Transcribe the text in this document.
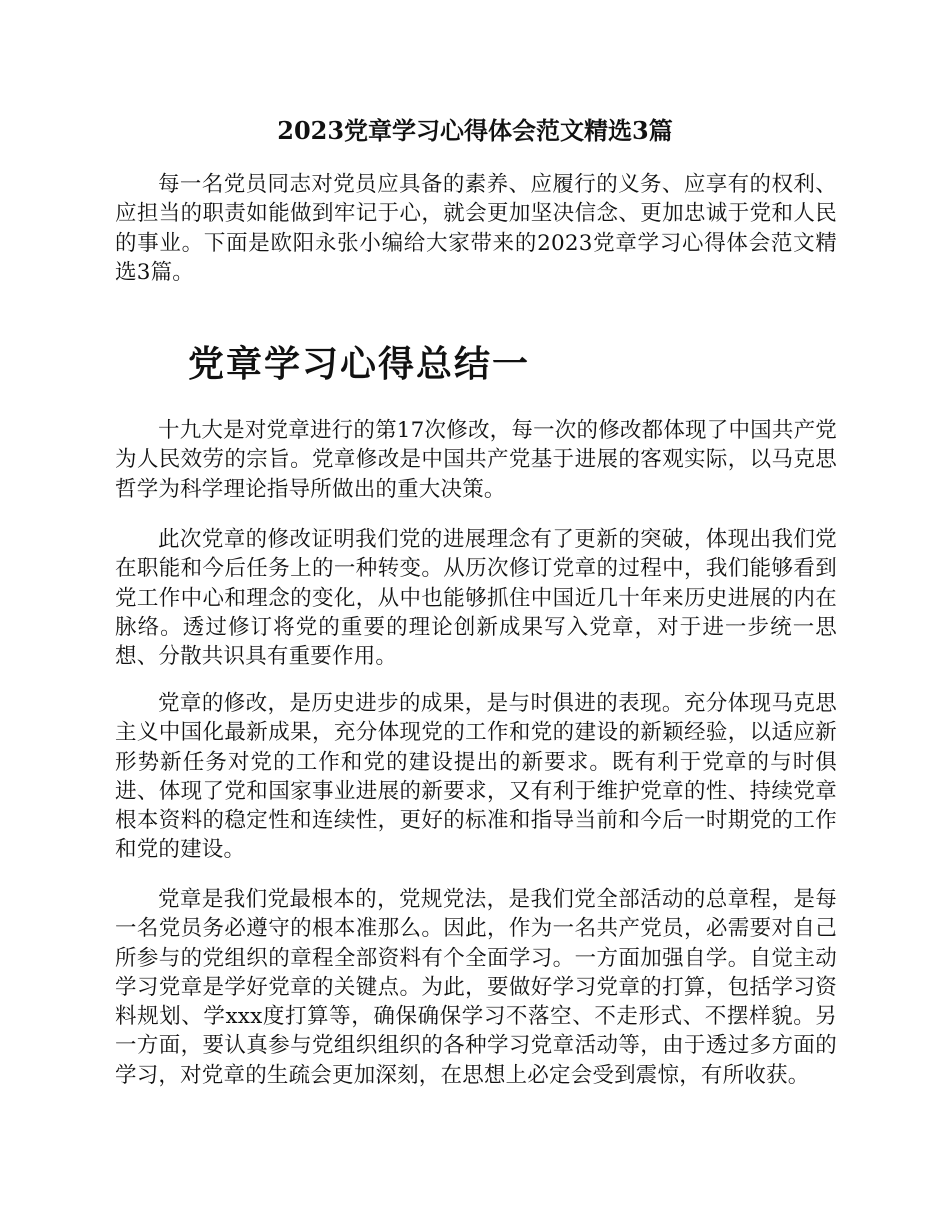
2023党章学习心得体会范文精选3篇

每一名党员同志对党员应具备的素养、应履行的义务、应享有的权利、应担当的职责如能做到牢记于心，就会更加坚决信念、更加忠诚于党和人民的事业。下面是欧阳永张小编给大家带来的2023党章学习心得体会范文精选3篇。

党章学习心得总结一

十九大是对党章进行的第17次修改，每一次的修改都体现了中国共产党为人民效劳的宗旨。党章修改是中国共产党基于进展的客观实际，以马克思哲学为科学理论指导所做出的重大决策。

此次党章的修改证明我们党的进展理念有了更新的突破，体现出我们党在职能和今后任务上的一种转变。从历次修订党章的过程中，我们能够看到党工作中心和理念的变化，从中也能够抓住中国近几十年来历史进展的内在脉络。透过修订将党的重要的理论创新成果写入党章，对于进一步统一思想、分散共识具有重要作用。

党章的修改，是历史进步的成果，是与时俱进的表现。充分体现马克思主义中国化最新成果，充分体现党的工作和党的建设的新颖经验，以适应新形势新任务对党的工作和党的建设提出的新要求。既有利于党章的与时俱进、体现了党和国家事业进展的新要求，又有利于维护党章的性、持续党章根本资料的稳定性和连续性，更好的标准和指导当前和今后一时期党的工作和党的建设。

党章是我们党最根本的，党规党法，是我们党全部活动的总章程，是每一名党员务必遵守的根本准那么。因此，作为一名共产党员，必需要对自己所参与的党组织的章程全部资料有个全面学习。一方面加强自学。自觉主动学习党章是学好党章的关键点。为此，要做好学习党章的打算，包括学习资料规划、学xxx度打算等，确保确保学习不落空、不走形式、不摆样貌。另一方面，要认真参与党组织组织的各种学习党章活动等，由于透过多方面的学习，对党章的生疏会更加深刻，在思想上必定会受到震惊，有所收获。
